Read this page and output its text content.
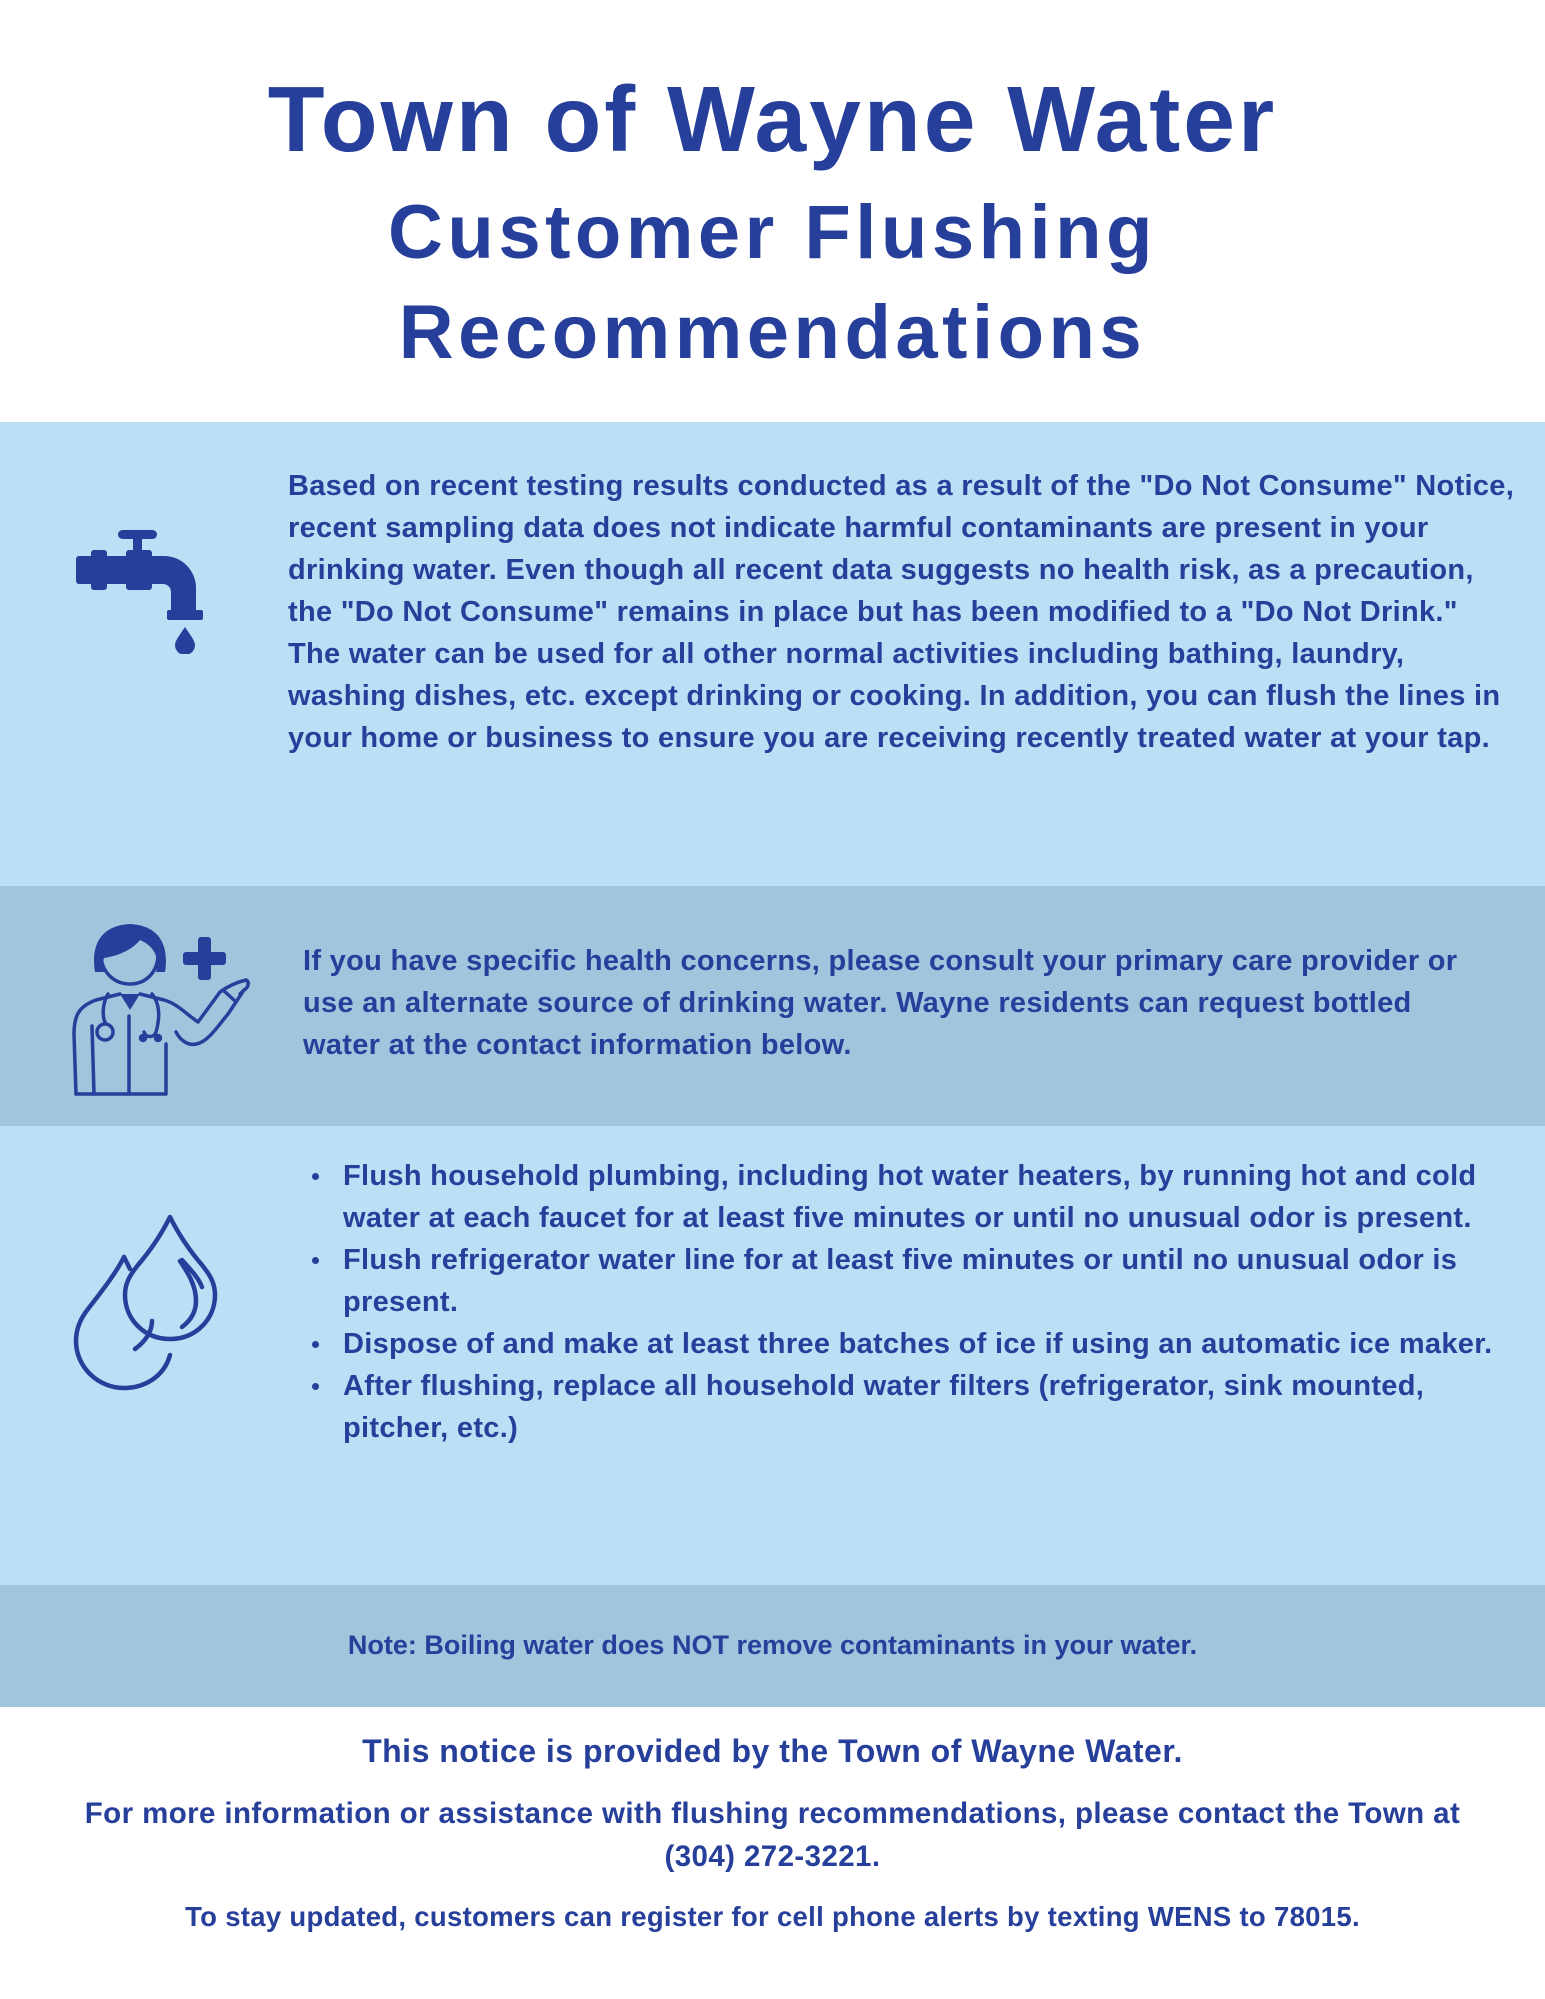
Town of Wayne Water
Customer Flushing
Recommendations
Based on recent testing results conducted as a result of the "Do Not Consume" Notice, recent sampling data does not indicate harmful contaminants are present in your drinking water. Even though all recent data suggests no health risk, as a precaution, the "Do Not Consume" remains in place but has been modified to a "Do Not Drink." The water can be used for all other normal activities including bathing, laundry, washing dishes, etc. except drinking or cooking. In addition, you can flush the lines in your home or business to ensure you are receiving recently treated water at your tap.
If you have specific health concerns, please consult your primary care provider or use an alternate source of drinking water. Wayne residents can request bottled water at the contact information below.
Flush household plumbing, including hot water heaters, by running hot and cold water at each faucet for at least five minutes or until no unusual odor is present.
Flush refrigerator water line for at least five minutes or until no unusual odor is present.
Dispose of and make at least three batches of ice if using an automatic ice maker.
After flushing, replace all household water filters (refrigerator, sink mounted, pitcher, etc.)
Note: Boiling water does NOT remove contaminants in your water.
This notice is provided by the Town of Wayne Water.
For more information or assistance with flushing recommendations, please contact the Town at (304) 272-3221.
To stay updated, customers can register for cell phone alerts by texting WENS to 78015.
